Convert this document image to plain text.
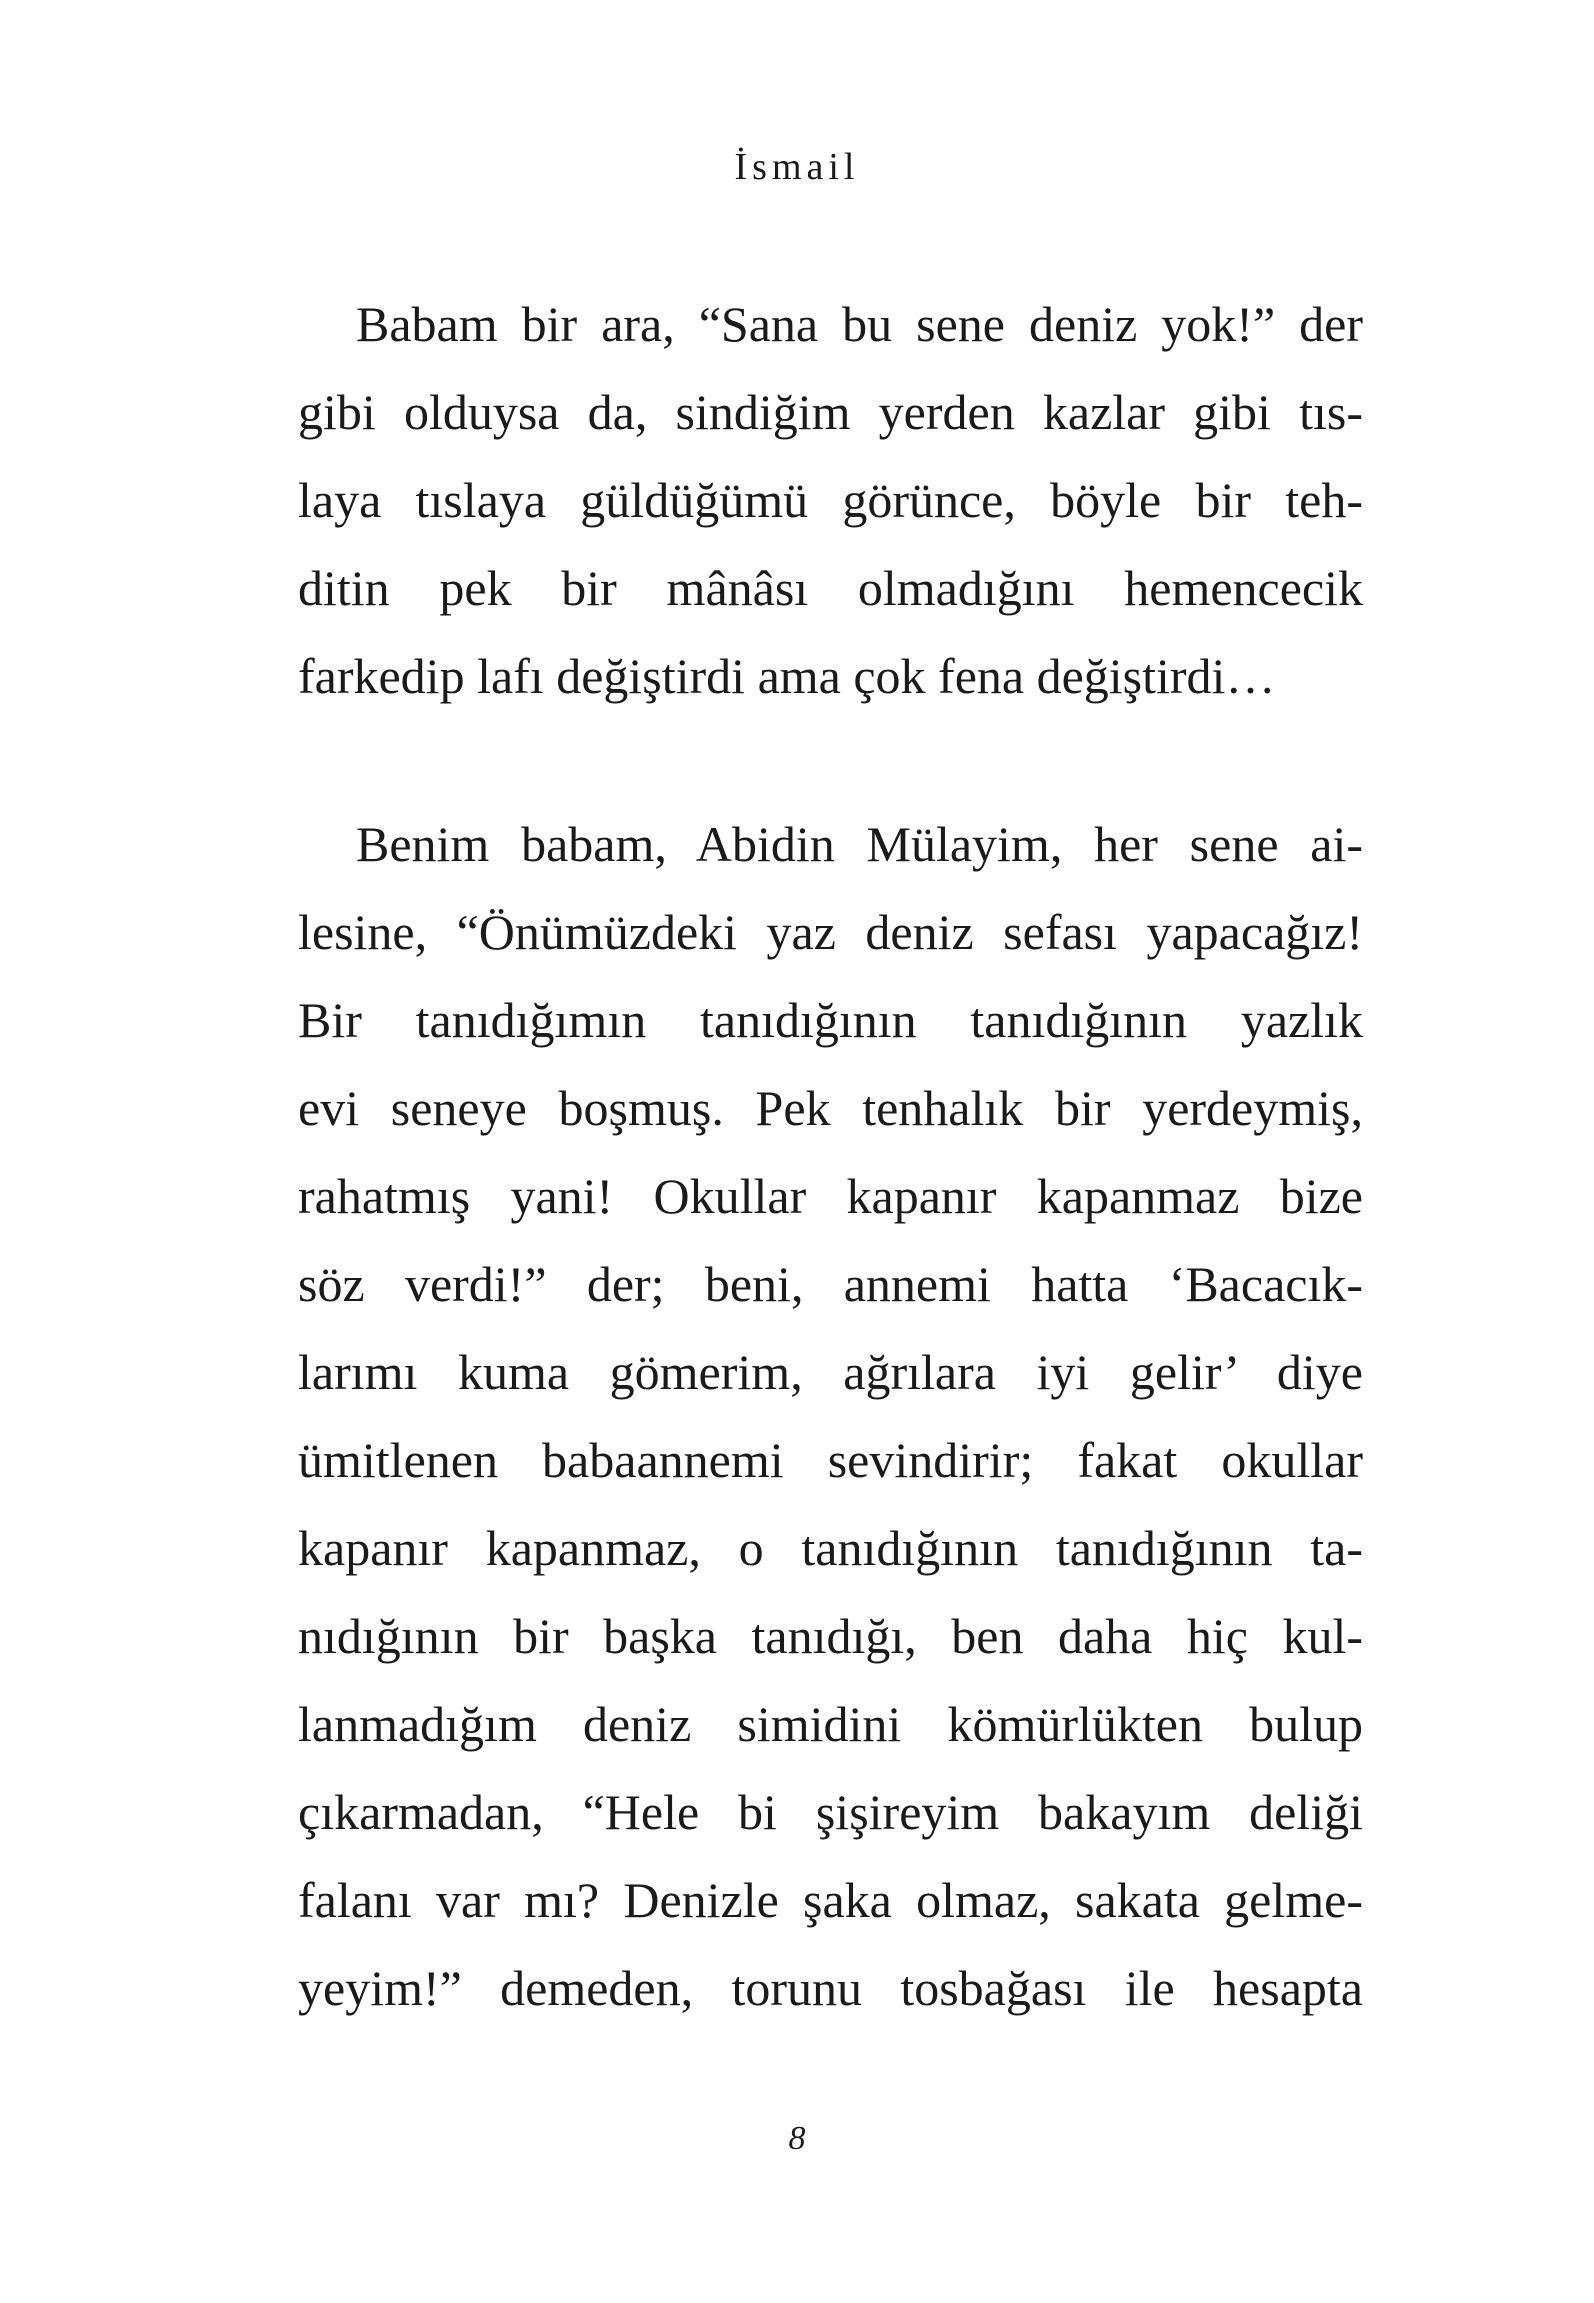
İsmail
Babam bir ara, “Sana bu sene deniz yok!” der
gibi olduysa da, sindiğim yerden kazlar gibi tıs-
laya tıslaya güldüğümü görünce, böyle bir teh-
ditin pek bir mânâsı olmadığını hemencecik
farkedip lafı değiştirdi ama çok fena değiştirdi…
Benim babam, Abidin Mülayim, her sene ai-
lesine, “Önümüzdeki yaz deniz sefası yapacağız!
Bir tanıdığımın tanıdığının tanıdığının yazlık
evi seneye boşmuş. Pek tenhalık bir yerdeymiş,
rahatmış yani! Okullar kapanır kapanmaz bize
söz verdi!” der; beni, annemi hatta ‘Bacacık-
larımı kuma gömerim, ağrılara iyi gelir’ diye
ümitlenen babaannemi sevindirir; fakat okullar
kapanır kapanmaz, o tanıdığının tanıdığının ta-
nıdığının bir başka tanıdığı, ben daha hiç kul-
lanmadığım deniz simidini kömürlükten bulup
çıkarmadan, “Hele bi şişireyim bakayım deliği
falanı var mı? Denizle şaka olmaz, sakata gelme-
yeyim!” demeden, torunu tosbağası ile hesapta
8
